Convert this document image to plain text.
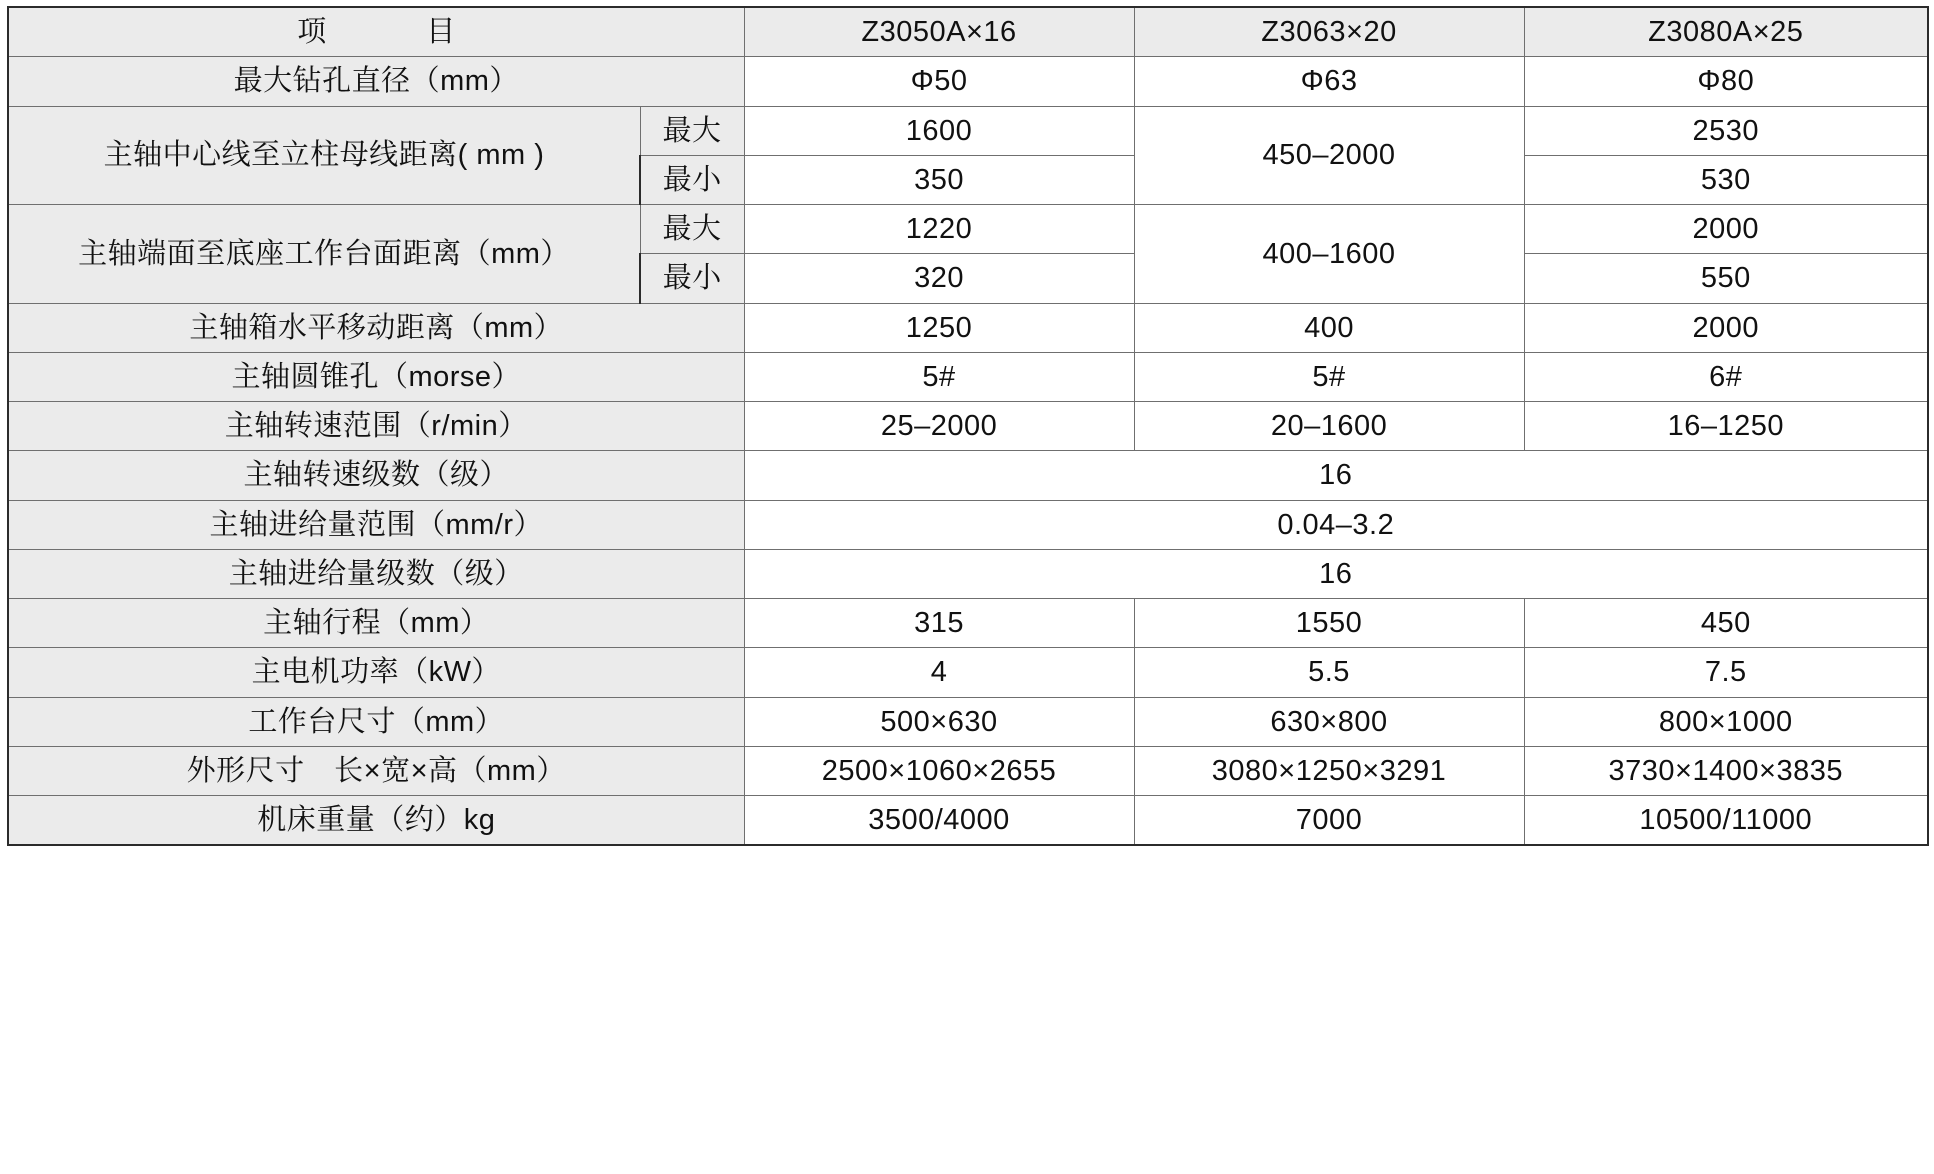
项　　目		Z3050A×16	Z3063×20	Z3080A×25
最大钻孔直径（mm）		Φ50	Φ63	Φ80
主轴中心线至立柱母线距离( mm )	最大	1600	450–2000	2530
	最小	350		530
主轴端面至底座工作台面距离（mm）	最大	1220	400–1600	2000
	最小	320		550
主轴箱水平移动距离（mm）		1250	400	2000
主轴圆锥孔（morse）		5#	5#	6#
主轴转速范围（r/min）		25–2000	20–1600	16–1250
主轴转速级数（级）		16		
主轴进给量范围（mm/r）		0.04–3.2		
主轴进给量级数（级）		16		
主轴行程（mm）		315	1550	450
主电机功率（kW）		4	5.5	7.5
工作台尺寸（mm）		500×630	630×800	800×1000
外形尺寸　长×宽×高（mm）		2500×1060×2655	3080×1250×3291	3730×1400×3835
机床重量（约）kg		3500/4000	7000	10500/11000
